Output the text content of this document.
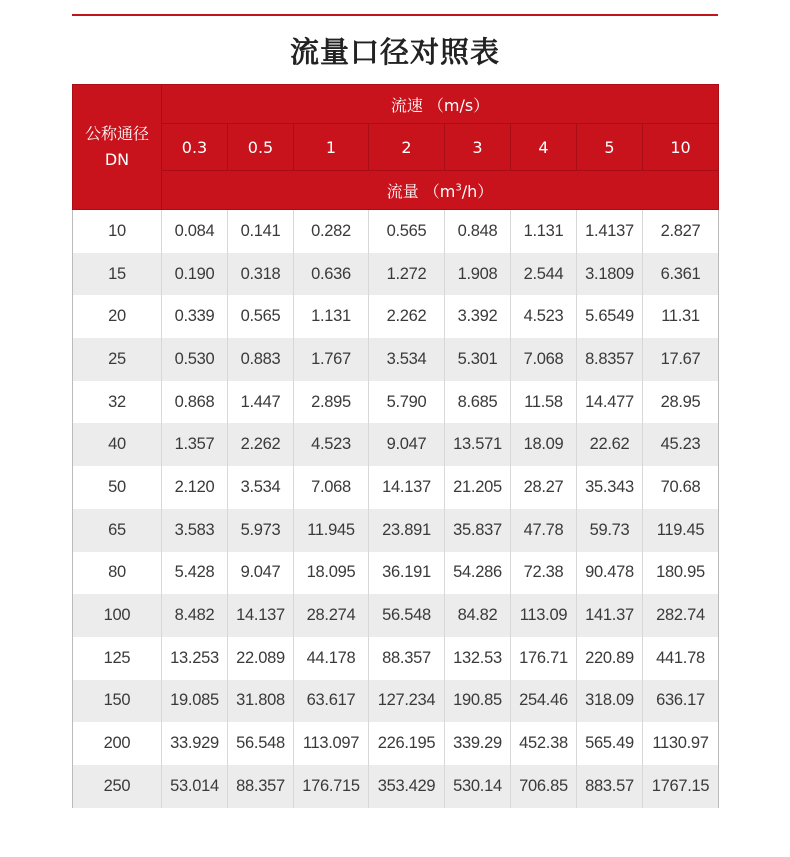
流量口径对照表
公称通径
DN	流速 （m/s）							
	0.3	0.5	1	2	3	4	5	10
	流量 $(m^3/h)$							
10	0.084	0.141	0.282	0.565	0.848	1.131	1.4137	2.827
15	0.190	0.318	0.636	1.272	1.908	2.544	3.1809	6.361
20	0.339	0.565	1.131	2.262	3.392	4.523	5.6549	11.31
25	0.530	0.883	1.767	3.534	5.301	7.068	8.8357	17.67
32	0.868	1.447	2.895	5.790	8.685	11.58	14.477	28.95
40	1.357	2.262	4.523	9.047	13.571	18.09	22.62	45.23
50	2.120	3.534	7.068	14.137	21.205	28.27	35.343	70.68
65	3.583	5.973	11.945	23.891	35.837	47.78	59.73	119.45
80	5.428	9.047	18.095	36.191	54.286	72.38	90.478	180.95
100	8.482	14.137	28.274	56.548	84.82	113.09	141.37	282.74
125	13.253	22.089	44.178	88.357	132.53	176.71	220.89	441.78
150	19.085	31.808	63.617	127.234	190.85	254.46	318.09	636.17
200	33.929	56.548	113.097	226.195	339.29	452.38	565.49	1130.97
250	53.014	88.357	176.715	353.429	530.14	706.85	883.57	1767.15
